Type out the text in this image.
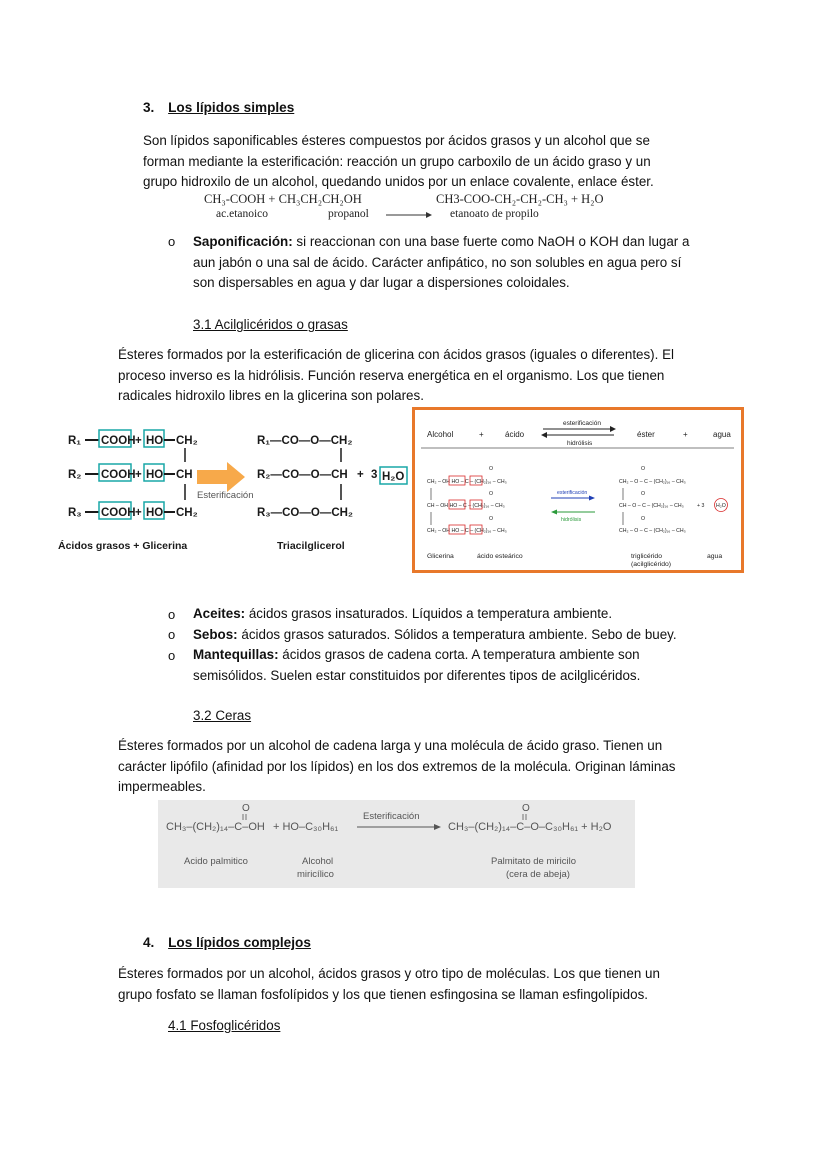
3. Los lípidos simples
Son lípidos saponificables ésteres compuestos por ácidos grasos y un alcohol que se
forman mediante la esterificación: reacción un grupo carboxilo de un ácido graso y un
grupo hidroxilo de un alcohol, quedando unidos por un enlace covalente, enlace éster.
CH₃-COOH + CH₃CH₂CH₂OH	CH3-COO-CH₂-CH₂-CH₃ + H₂O
ac.etanoico	propanol → etanoato de propilo
o Saponificación: si reaccionan con una base fuerte como NaOH o KOH dan lugar a
aun jabón o una sal de ácido. Carácter anfipático, no son solubles en agua pero sí
son dispersables en agua y dar lugar a dispersiones coloidales.
3.1 Acilglicéridos o grasas
Ésteres formados por la esterificación de glicerina con ácidos grasos (iguales o diferentes). El
proceso inverso es la hidrólisis. Función reserva energética en el organismo. Los que tienen
radicales hidroxilo libres en la glicerina son polares.
R₁ COOH + HO CH₂
R₂ COOH + HO CH
R₃ COOH + HO CH₂
Esterificación
R₁—CO—O—CH₂
R₂—CO—O—CH
R₃—CO—O—CH₂
+ 3 H₂O
Ácidos grasos + Glicerina	Triacilglicerol
Alcohol	+	ácido	éster	+	agua
esterificación
hidrólisis
CH₂ – OH HO – C – (CH₂)₁₆ – CH₃
CH – OH HO – C – (CH₂)₁₆ – CH₃
CH₂ – OH HO – C – (CH₂)₁₆ – CH₃
O
O
O
esterificación
hidrólisis
CH₂ – O – C – (CH₂)₁₆ – CH₃
CH – O – C – (CH₂)₁₆ – CH₃
CH₂ – O – C – (CH₂)₁₆ – CH₃
O
O
O
+ 3 H₂O
Glicerina	ácido esteárico	triglicérido
(acilglicérido)
agua
o
o
o
Aceites: ácidos grasos insaturados. Líquidos a temperatura ambiente.
Sebos: ácidos grasos saturados. Sólidos a temperatura ambiente. Sebo de buey.
Mantequillas: ácidos grasos de cadena corta. A temperatura ambiente son
semisólidos. Suelen estar constituidos por diferentes tipos de acilglicéridos.
3.2 Ceras
Ésteres formados por un alcohol de cadena larga y una molécula de ácido graso. Tienen un
carácter lipófilo (afinidad por los lípidos) en los dos extremos de la molécula. Originan láminas
impermeables.
O
CH₃–(CH₂)₁₄–C–OH + HO–C₃₀H₆₁
Esterificación
O
CH₃–(CH₂)₁₄–C–O–C₃₀H₆₁ + H₂O
Acido palmitico	Alcohol
miricílico
Palmitato de miricilo
(cera de abeja)
4. Los lípidos complejos
Ésteres formados por un alcohol, ácidos grasos y otro tipo de moléculas. Los que tienen un
grupo fosfato se llaman fosfolípidos y los que tienen esfingosina se llaman esfingolípidos.
4.1 Fosfoglicéridos
